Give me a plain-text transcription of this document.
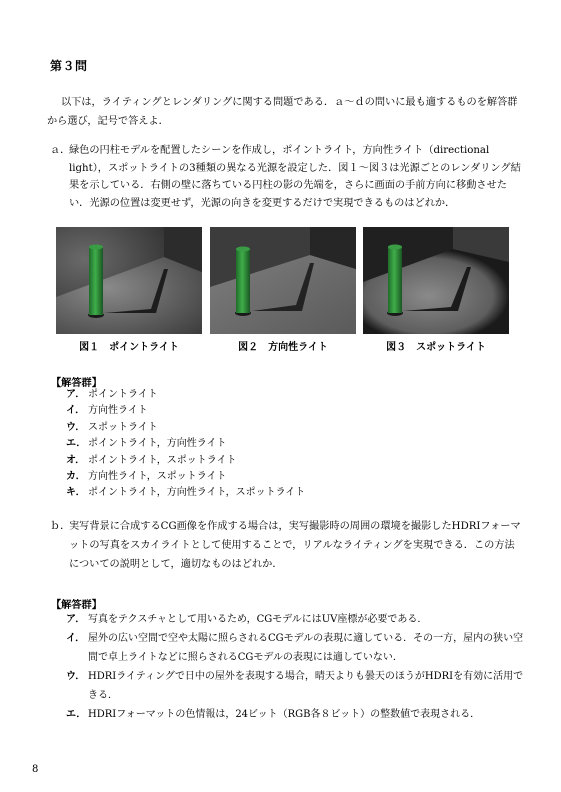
第３問
以下は，ライティングとレンダリングに関する問題である．ａ～ｄの問いに最も適するものを解答群から選び，記号で答えよ．
ａ．
緑色の円柱モデルを配置したシーンを作成し，ポイントライト，方向性ライト（directional light），スポットライトの3種類の異なる光源を設定した．図１～図３は光源ごとのレンダリング結果を示している．右側の壁に落ちている円柱の影の先端を，さらに画面の手前方向に移動させたい．光源の位置は変更せず，光源の向きを変更するだけで実現できるものはどれか．
図１　ポイントライト	図２　方向性ライト	図３　スポットライト
【解答群】
ア． ポイントライト
イ． 方向性ライト
ウ． スポットライト
エ． ポイントライト，方向性ライト
オ． ポイントライト，スポットライト
カ． 方向性ライト，スポットライト
キ． ポイントライト，方向性ライト，スポットライト
ｂ．
実写背景に合成するCG画像を作成する場合は，実写撮影時の周囲の環境を撮影したHDRIフォーマットの写真をスカイライトとして使用することで，リアルなライティングを実現できる．この方法についての説明として，適切なものはどれか．
【解答群】
ア． 写真をテクスチャとして用いるため，CGモデルにはUV座標が必要である．
イ． 屋外の広い空間で空や太陽に照らされるCGモデルの表現に適している．その一方，屋内の狭い空間で卓上ライトなどに照らされるCGモデルの表現には適していない．
ウ． HDRIライティングで日中の屋外を表現する場合，晴天よりも曇天のほうがHDRIを有効に活用できる．
エ． HDRIフォーマットの色情報は，24ビット（RGB各８ビット）の整数値で表現される．
8
